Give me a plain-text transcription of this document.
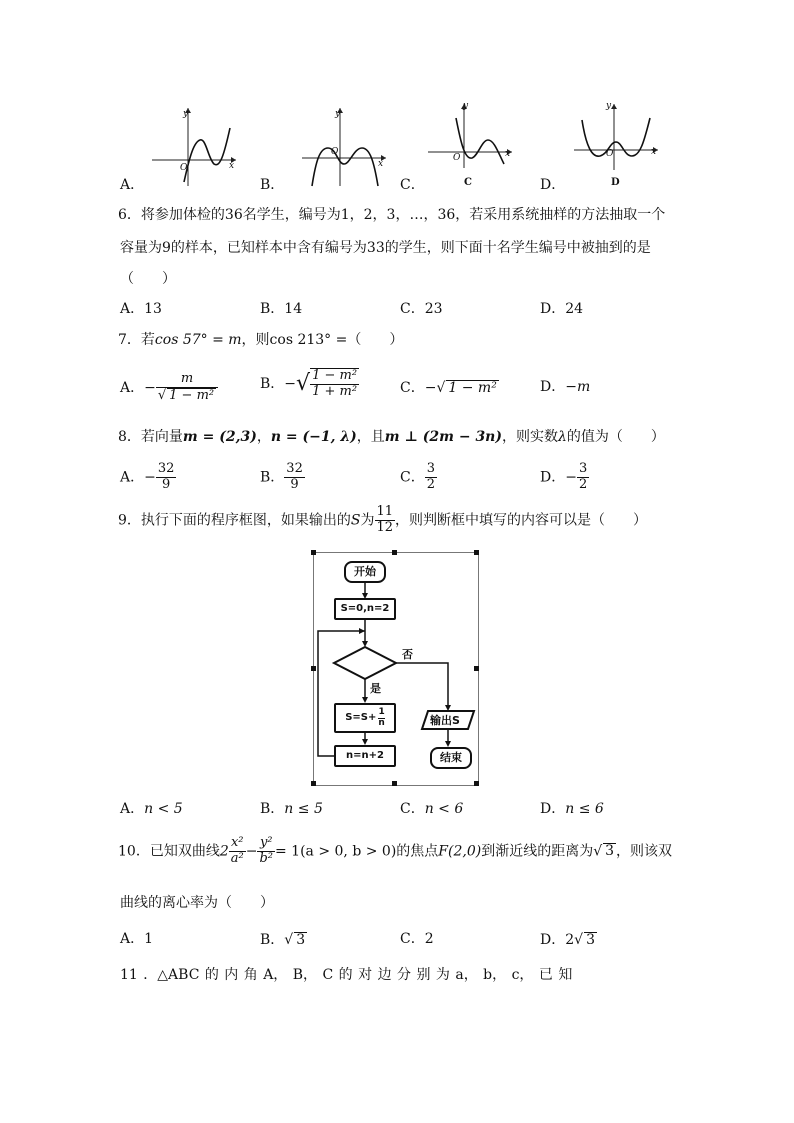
A．	B．	C．	D．
y
x
O
y
x
O
y
x
O
C
y
x
O
D
6．将参加体检的36名学生，编号为1，2，3，…，36，若采用系统抽样的方法抽取一个
容量为9的样本，已知样本中含有编号为33的学生，则下面十名学生编号中被抽到的是
（　　）
A．13	B．14	C．23	D．24
7．若cos 57° = m，则cos 213° =（　　）
A．− $\frac{m}{\text{√ 1 − m²}}$	B．−√ $\frac{\text{1 − m²}}{\text{1 + m²}}$	C．−√ 1 − m²	D．−m
8．若向量m = (2,3)，n = (−1, λ)，且m ⊥ (2m − 3n)，则实数λ的值为（　　）
A．− $\frac{32}{9}$	B． $\frac{32}{9}$	C． $\frac{3}{2}$	D．− $\frac{3}{2}$
9．执行下面的程序框图，如果输出的S为 $\frac{11}{12}$ ，则判断框中填写的内容可以是（　　）
开始
S=0,n=2
否
是
$S=S+ \frac{1}{n}$
n=n+2
输出S
结束
A．n < 5	B．n ≤ 5	C．n < 6	D．n ≤ 6
10．已知双曲线$2 \frac{\text{x²}}{\text{a²}} - \frac{\text{y²}}{\text{b²}} = 1(a > 0$, b > 0)的焦点F(2,0)到渐近线的距离为√ 3 ，则该双
曲线的离心率为（　　）
A．1	B．√ 3	C．2	D．2√ 3
11 ．△ABC 的 内 角 A， B， C 的 对 边 分 别 为 a， b， c， 已 知
